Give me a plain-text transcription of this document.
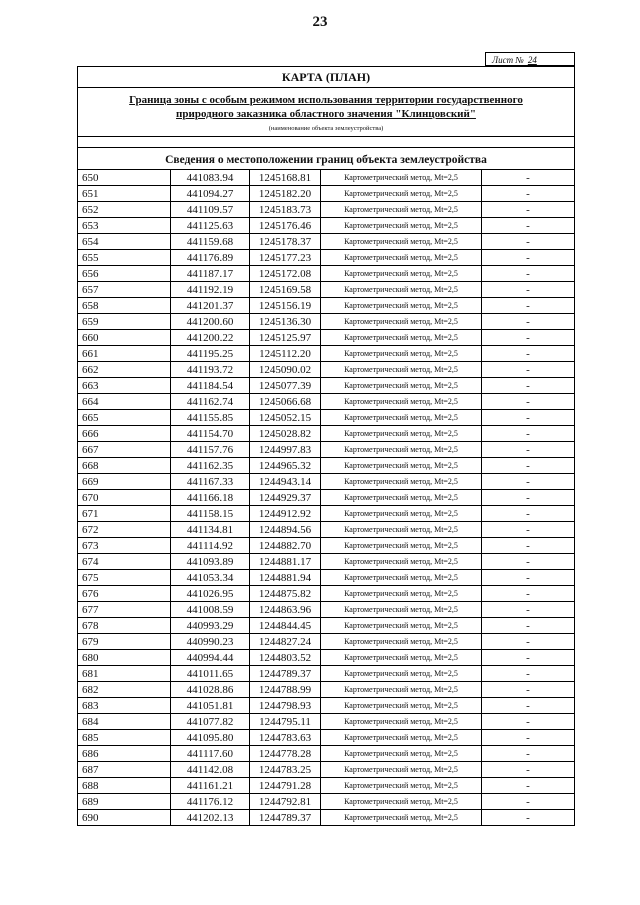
23
Лист № 24
КАРТА (ПЛАН)
Граница зоны с особым режимом использования территории государственного
природного заказника областного значения "Клинцовский"
(наименование объекта землеустройства)
Сведения о местоположении границ объекта землеустройства
650	441083.94	1245168.81	Картометрический метод, Мt=2,5	-
651	441094.27	1245182.20	Картометрический метод, Мt=2,5	-
652	441109.57	1245183.73	Картометрический метод, Мt=2,5	-
653	441125.63	1245176.46	Картометрический метод, Мt=2,5	-
654	441159.68	1245178.37	Картометрический метод, Мt=2,5	-
655	441176.89	1245177.23	Картометрический метод, Мt=2,5	-
656	441187.17	1245172.08	Картометрический метод, Мt=2,5	-
657	441192.19	1245169.58	Картометрический метод, Мt=2,5	-
658	441201.37	1245156.19	Картометрический метод, Мt=2,5	-
659	441200.60	1245136.30	Картометрический метод, Мt=2,5	-
660	441200.22	1245125.97	Картометрический метод, Мt=2,5	-
661	441195.25	1245112.20	Картометрический метод, Мt=2,5	-
662	441193.72	1245090.02	Картометрический метод, Мt=2,5	-
663	441184.54	1245077.39	Картометрический метод, Мt=2,5	-
664	441162.74	1245066.68	Картометрический метод, Мt=2,5	-
665	441155.85	1245052.15	Картометрический метод, Мt=2,5	-
666	441154.70	1245028.82	Картометрический метод, Мt=2,5	-
667	441157.76	1244997.83	Картометрический метод, Мt=2,5	-
668	441162.35	1244965.32	Картометрический метод, Мt=2,5	-
669	441167.33	1244943.14	Картометрический метод, Мt=2,5	-
670	441166.18	1244929.37	Картометрический метод, Мt=2,5	-
671	441158.15	1244912.92	Картометрический метод, Мt=2,5	-
672	441134.81	1244894.56	Картометрический метод, Мt=2,5	-
673	441114.92	1244882.70	Картометрический метод, Мt=2,5	-
674	441093.89	1244881.17	Картометрический метод, Мt=2,5	-
675	441053.34	1244881.94	Картометрический метод, Мt=2,5	-
676	441026.95	1244875.82	Картометрический метод, Мt=2,5	-
677	441008.59	1244863.96	Картометрический метод, Мt=2,5	-
678	440993.29	1244844.45	Картометрический метод, Мt=2,5	-
679	440990.23	1244827.24	Картометрический метод, Мt=2,5	-
680	440994.44	1244803.52	Картометрический метод, Мt=2,5	-
681	441011.65	1244789.37	Картометрический метод, Мt=2,5	-
682	441028.86	1244788.99	Картометрический метод, Мt=2,5	-
683	441051.81	1244798.93	Картометрический метод, Мt=2,5	-
684	441077.82	1244795.11	Картометрический метод, Мt=2,5	-
685	441095.80	1244783.63	Картометрический метод, Мt=2,5	-
686	441117.60	1244778.28	Картометрический метод, Мt=2,5	-
687	441142.08	1244783.25	Картометрический метод, Мt=2,5	-
688	441161.21	1244791.28	Картометрический метод, Мt=2,5	-
689	441176.12	1244792.81	Картометрический метод, Мt=2,5	-
690	441202.13	1244789.37	Картометрический метод, Мt=2,5	-
